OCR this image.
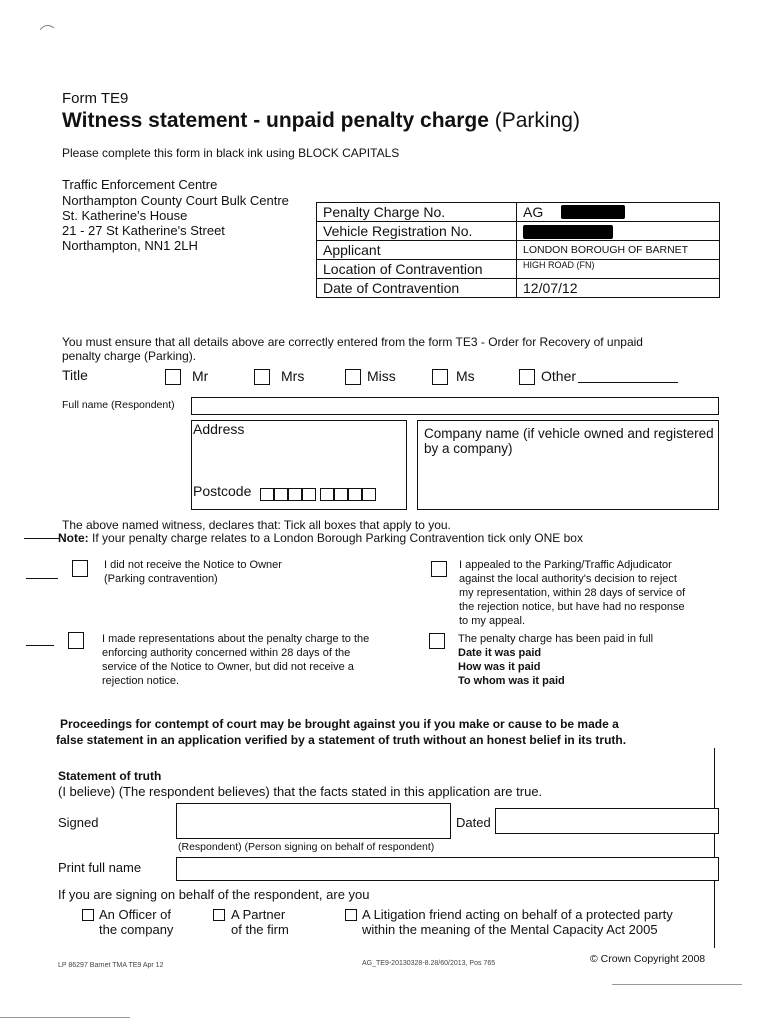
Form TE9
Witness statement - unpaid penalty charge (Parking)
Please complete this form in black ink using BLOCK CAPITALS
Traffic Enforcement Centre
Northampton County Court Bulk Centre
St. Katherine's House
21 - 27 St Katherine's Street
Northampton, NN1 2LH
Penalty Charge No.	AG

Vehicle Registration No.	

Applicant	LONDON BOROUGH OF BARNET
Location of Contravention	HIGH ROAD (FN)
Date of Contravention	12/07/12
You must ensure that all details above are correctly entered from the form TE3 - Order for Recovery of unpaid
penalty charge (Parking).
Title	Mr	Mrs	Miss	Ms	Other
Full name (Respondent)
Address
Postcode
Company name (if vehicle owned and registered
by a company)
The above named witness, declares that: Tick all boxes that apply to you.
Note: If your penalty charge relates to a London Borough Parking Contravention tick only ONE box
I did not receive the Notice to Owner
(Parking contravention)
I appealed to the Parking/Traffic Adjudicator
against the local authority's decision to reject
my representation, within 28 days of service of
the rejection notice, but have had no response
to my appeal.
I made representations about the penalty charge to the
enforcing authority concerned within 28 days of the
service of the Notice to Owner, but did not receive a
rejection notice.
The penalty charge has been paid in full
Date it was paid
How was it paid
To whom was it paid
Proceedings for contempt of court may be brought against you if you make or cause to be made a
false statement in an application verified by a statement of truth without an honest belief in its truth.
Statement of truth
(I believe) (The respondent believes) that the facts stated in this application are true.
Signed	Dated
(Respondent) (Person signing on behalf of respondent)
Print full name
If you are signing on behalf of the respondent, are you
An Officer of
the company
A Partner
of the firm
A Litigation friend acting on behalf of a protected party
within the meaning of the Mental Capacity Act 2005
LP 86297 Barnet TMA TE9 Apr 12	AG_TE9-20130328-8.28/60/2013, Pos 765	© Crown Copyright 2008
